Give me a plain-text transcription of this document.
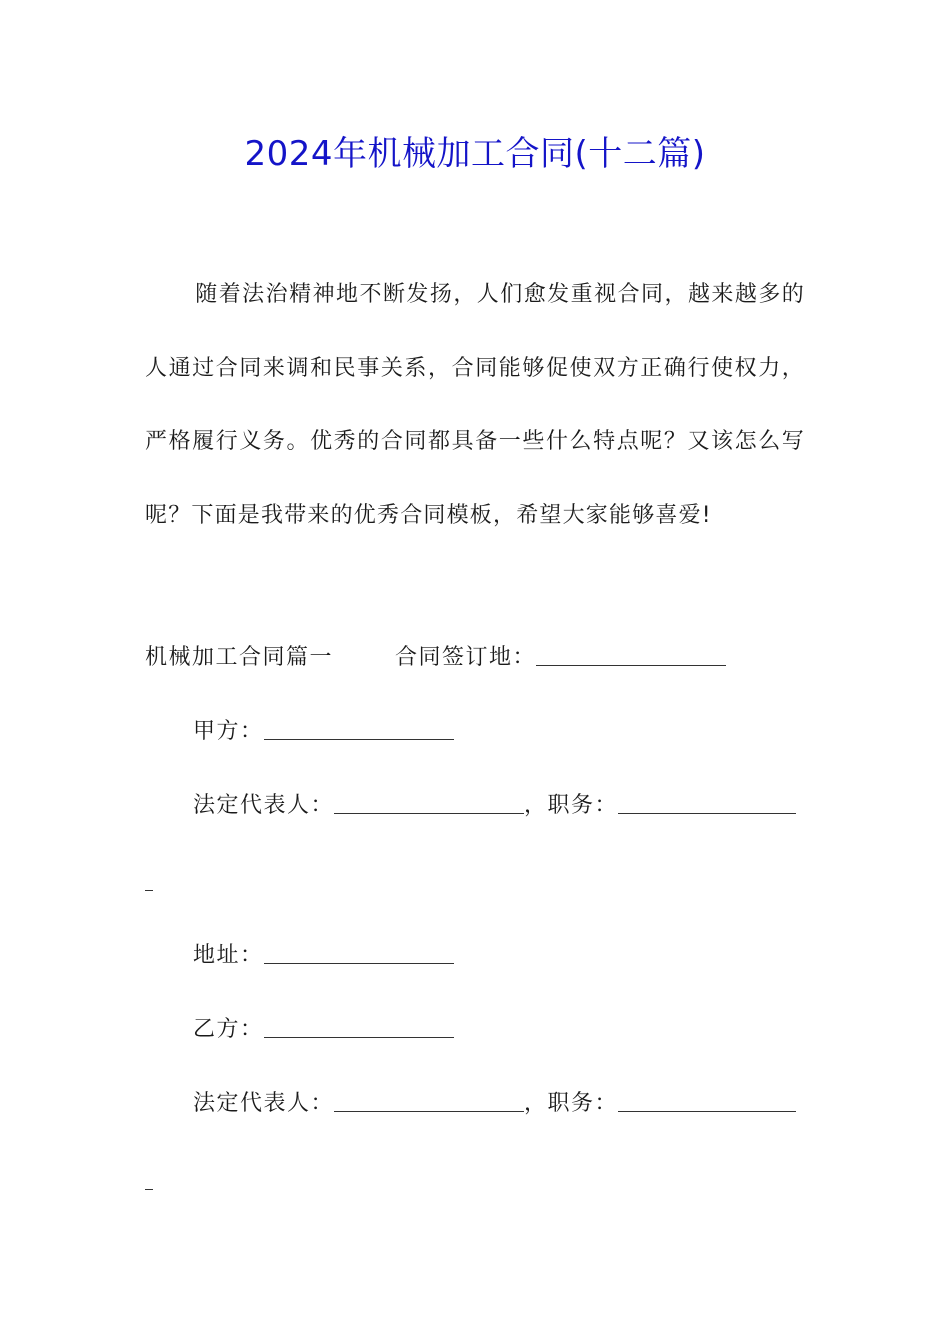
2024年机械加工合同(十二篇)

随着法治精神地不断发扬，人们愈发重视合同，越来越多的人通过合同来调和民事关系，合同能够促使双方正确行使权力，严格履行义务。优秀的合同都具备一些什么特点呢？又该怎么写呢？下面是我带来的优秀合同模板，希望大家能够喜爱!

机械加工合同篇一	合同签订地：
甲方：
法定代表人：	，职务：
地址：
乙方：
法定代表人：	，职务：
